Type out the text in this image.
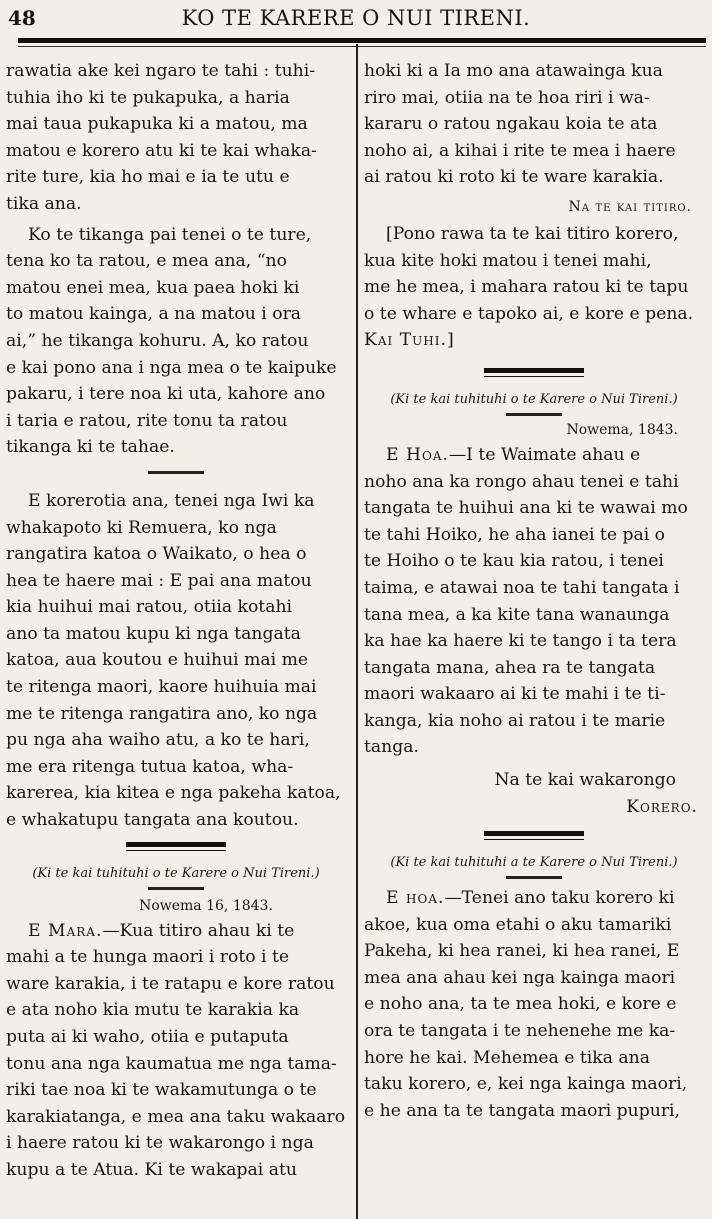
48	KO TE KARERE O NUI TIRENI.
rawatia ake kei ngaro te tahi : tuhi-
tuhia iho ki te pukapuka, a haria
mai taua pukapuka ki a matou, ma
matou e korero atu ki te kai whaka-
rite ture, kia ho mai e ia te utu e
tika ana.
Ko te tikanga pai tenei o te ture,
tena ko ta ratou, e mea ana, “no
matou enei mea, kua paea hoki ki
to matou kainga, a na matou i ora
ai,” he tikanga kohuru. A, ko ratou
e kai pono ana i nga mea o te kaipuke
pakaru, i tere noa ki uta, kahore ano
i taria e ratou, rite tonu ta ratou
tikanga ki te tahae.
E korerotia ana, tenei nga Iwi ka
whakapoto ki Remuera, ko nga
rangatira katoa o Waikato, o hea o
hea te haere mai : E pai ana matou
kia huihui mai ratou, otiia kotahi
ano ta matou kupu ki nga tangata
katoa, aua koutou e huihui mai me
te ritenga maori, kaore huihuia mai
me te ritenga rangatira ano, ko nga
pu nga aha waiho atu, a ko te hari,
me era ritenga tutua katoa, wha-
karerea, kia kitea e nga pakeha katoa,
e whakatupu tangata ana koutou.
(Ki te kai tuhituhi o te Karere o Nui Tireni.)
Nowema 16, 1843.
E Mara.—Kua titiro ahau ki te
mahi a te hunga maori i roto i te
ware karakia, i te ratapu e kore ratou
e ata noho kia mutu te karakia ka
puta ai ki waho, otiia e putaputa
tonu ana nga kaumatua me nga tama-
riki tae noa ki te wakamutunga o te
karakiatanga, e mea ana taku wakaaro
i haere ratou ki te wakarongo i nga
kupu a te Atua. Ki te wakapai atu
hoki ki a Ia mo ana atawainga kua
riro mai, otiia na te hoa riri i wa-
kararu o ratou ngakau koia te ata
noho ai, a kihai i rite te mea i haere
ai ratou ki roto ki te ware karakia.
Na te kai titiro.
[Pono rawa ta te kai titiro korero,
kua kite hoki matou i tenei mahi,
me he mea, i mahara ratou ki te tapu
o te whare e tapoko ai, e kore e pena.
Kai Tuhi.]
(Ki te kai tuhituhi o te Karere o Nui Tireni.)
Nowema, 1843.
E Hoa.—I te Waimate ahau e
noho ana ka rongo ahau tenei e tahi
tangata te huihui ana ki te wawai mo
te tahi Hoiko, he aha ianei te pai o
te Hoiho o te kau kia ratou, i tenei
taima, e atawai noa te tahi tangata i
tana mea, a ka kite tana wanaunga
ka hae ka haere ki te tango i ta tera
tangata mana, ahea ra te tangata
maori wakaaro ai ki te mahi i te ti-
kanga, kia noho ai ratou i te marie
tanga.
Na te kai wakarongo
Korero.
(Ki te kai tuhituhi a te Karere o Nui Tireni.)
E hoa.—Tenei ano taku korero ki
akoe, kua oma etahi o aku tamariki
Pakeha, ki hea ranei, ki hea ranei, E
mea ana ahau kei nga kainga maori
e noho ana, ta te mea hoki, e kore e
ora te tangata i te nehenehe me ka-
hore he kai. Mehemea e tika ana
taku korero, e, kei nga kainga maori,
e he ana ta te tangata maori pupuri,
